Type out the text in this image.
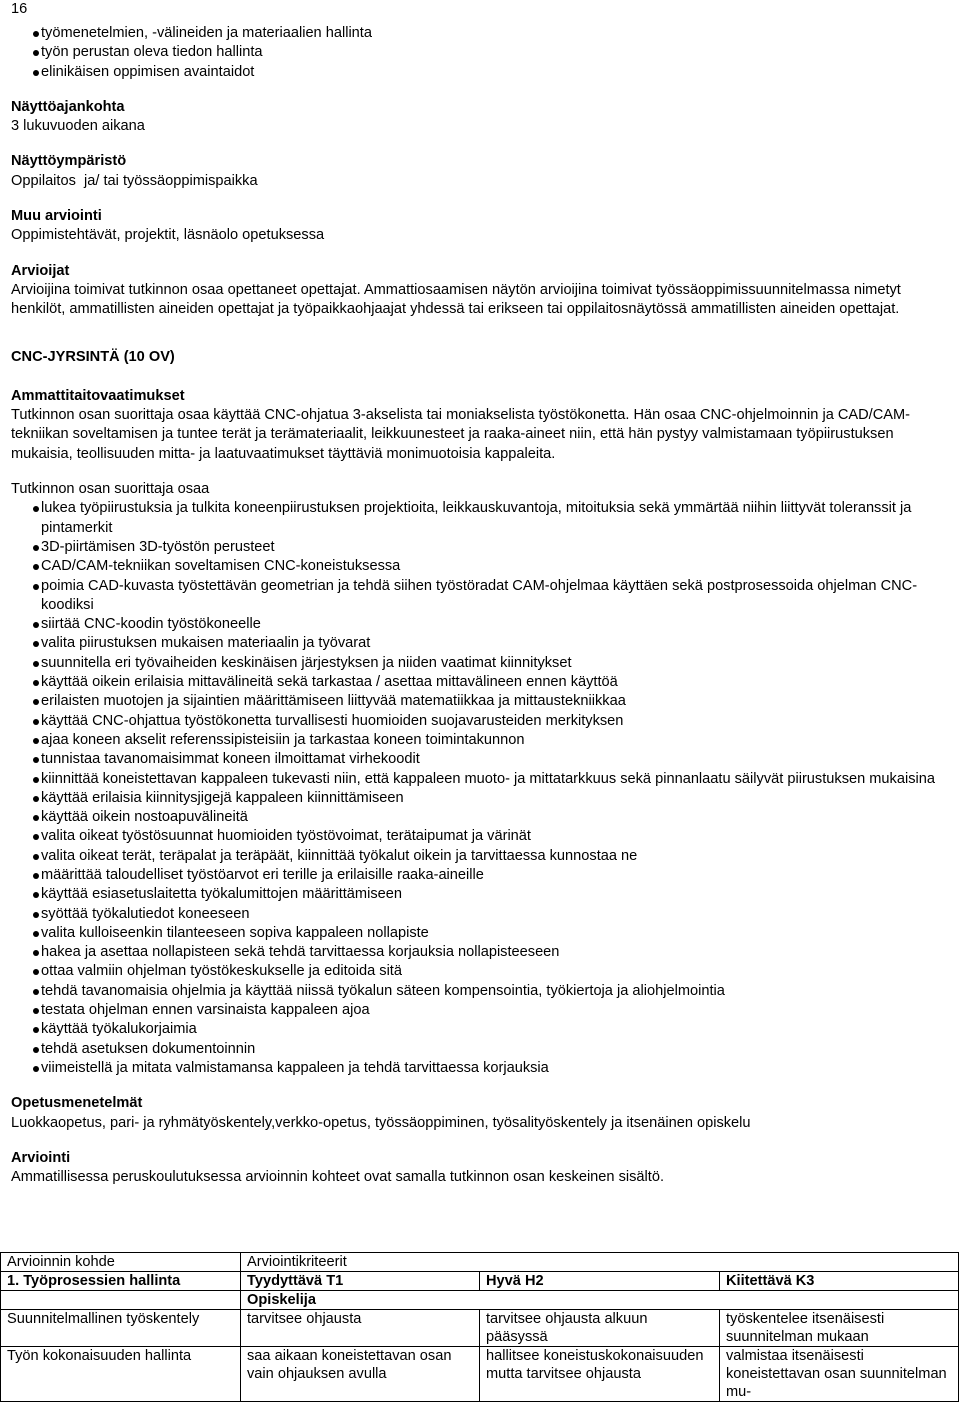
16
työmenetelmien, -välineiden ja materiaalien hallinta
työn perustan oleva tiedon hallinta
elinikäisen oppimisen avaintaidot
Näyttöajankohta

3 lukuvuoden aikana

Näyttöympäristö

Oppilaitos  ja/ tai työssäoppimispaikka

Muu arviointi

Oppimistehtävät, projektit, läsnäolo opetuksessa

Arvioijat

Arvioijina toimivat tutkinnon osaa opettaneet opettajat. Ammattiosaamisen näytön arvioijina toimivat työssäoppimissuunnitelmassa nimetyt henkilöt, ammatillisten aineiden opettajat ja työpaikkaohjaajat yhdessä tai erikseen tai oppilaitosnäytössä ammatillisten aineiden opettajat.

CNC-JYRSINTÄ (10 OV)
Ammattitaitovaatimukset

Tutkinnon osan suorittaja osaa käyttää CNC-ohjatua 3-akselista tai moniakselista työstökonetta. Hän osaa CNC-ohjelmoinnin ja CAD/CAM-tekniikan soveltamisen ja tuntee terät ja terämateriaalit, leikkuunesteet ja raaka-aineet niin, että hän pystyy valmistamaan työpiirustuksen mukaisia, teollisuuden mitta- ja laatuvaatimukset täyttäviä monimuotoisia kappaleita.

Tutkinnon osan suorittaja osaa

lukea työpiirustuksia ja tulkita koneenpiirustuksen projektioita, leikkauskuvantoja, mitoituksia sekä ymmärtää niihin liittyvät toleranssit ja pintamerkit
3D-piirtämisen 3D-työstön perusteet
CAD/CAM-tekniikan soveltamisen CNC-koneistuksessa
poimia CAD-kuvasta työstettävän geometrian ja tehdä siihen työstöradat CAM-ohjelmaa käyttäen sekä postprosessoida ohjelman CNC-koodiksi
siirtää CNC-koodin työstökoneelle
valita piirustuksen mukaisen materiaalin ja työvarat
suunnitella eri työvaiheiden keskinäisen järjestyksen ja niiden vaatimat kiinnitykset
käyttää oikein erilaisia mittavälineitä sekä tarkastaa / asettaa mittavälineen ennen käyttöä
erilaisten muotojen ja sijaintien määrittämiseen liittyvää matematiikkaa ja mittaustekniikkaa
käyttää CNC-ohjattua työstökonetta turvallisesti huomioiden suojavarusteiden merkityksen
ajaa koneen akselit referenssipisteisiin ja tarkastaa koneen toimintakunnon
tunnistaa tavanomaisimmat koneen ilmoittamat virhekoodit
kiinnittää koneistettavan kappaleen tukevasti niin, että kappaleen muoto- ja mittatarkkuus sekä pinnanlaatu säilyvät piirustuksen mukaisina
käyttää erilaisia kiinnitysjigejä kappaleen kiinnittämiseen
käyttää oikein nostoapuvälineitä
valita oikeat työstösuunnat huomioiden työstövoimat, terätaipumat ja värinät
valita oikeat terät, teräpalat ja teräpäät, kiinnittää työkalut oikein ja tarvittaessa kunnostaa ne
määrittää taloudelliset työstöarvot eri terille ja erilaisille raaka-aineille
käyttää esiasetuslaitetta työkalumittojen määrittämiseen
syöttää työkalutiedot koneeseen
valita kulloiseenkin tilanteeseen sopiva kappaleen nollapiste
hakea ja asettaa nollapisteen sekä tehdä tarvittaessa korjauksia nollapisteeseen
ottaa valmiin ohjelman työstökeskukselle ja editoida sitä
tehdä tavanomaisia ohjelmia ja käyttää niissä työkalun säteen kompensointia, työkiertoja ja aliohjelmointia
testata ohjelman ennen varsinaista kappaleen ajoa
käyttää työkalukorjaimia
tehdä asetuksen dokumentoinnin
viimeistellä ja mitata valmistamansa kappaleen ja tehdä tarvittaessa korjauksia
Opetusmenetelmät

Luokkaopetus, pari- ja ryhmätyöskentely,verkko-opetus, työssäoppiminen, työsalityöskentely ja itsenäinen opiskelu

Arviointi

Ammatillisessa peruskoulutuksessa arvioinnin kohteet ovat samalla tutkinnon osan keskeinen sisältö.

Arvioinnin kohde	Arviointikriteerit		
1. Työprosessien hallinta	Tyydyttävä T1	Hyvä H2	Kiitettävä K3
	Opiskelija		
Suunnitelmallinen työskentely	tarvitsee ohjausta	tarvitsee ohjausta alkuun pääsyssä	työskentelee itsenäisesti suunnitelman mukaan
Työn kokonaisuuden hallinta	saa aikaan koneistettavan osan vain ohjauksen avulla	hallitsee koneistuskokonaisuuden mutta tarvitsee ohjausta	valmistaa itsenäisesti koneistettavan osan suunnitelman mu-
